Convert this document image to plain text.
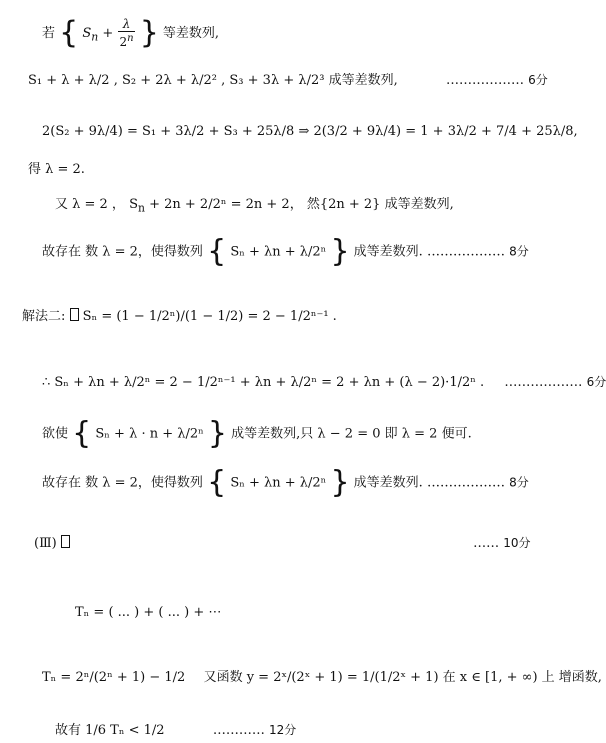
若 { $S_n + \frac{\lambda}{2^n}$ } 等差数列,
S₁ + λ + λ/2 , S₂ + 2λ + λ/2² , S₃ + 3λ + λ/2³ 成等差数列,	……………… 6分
2(S₂ + 9λ/4) = S₁ + 3λ/2 + S₃ + 25λ/8 ⇒ 2(3/2 + 9λ/4) = 1 + 3λ/2 + 7/4 + 25λ/8,
得 λ = 2.
又 λ = 2 ， $S_n + 2n + 2/2^n = 2n + 2$， 然{2n + 2} 成等差数列,
故存在 数 λ = 2，使得数列 { Sₙ + λn + λ/2ⁿ } 成等差数列. ……………… 8分
解法二: Sₙ = (1 − 1/2ⁿ)/(1 − 1/2) = 2 − 1/2ⁿ⁻¹ .
∴ Sₙ + λn + λ/2ⁿ = 2 − 1/2ⁿ⁻¹ + λn + λ/2ⁿ = 2 + λn + (λ − 2)·1/2ⁿ . ……………… 6分
欲使 { Sₙ + λ · n + λ/2ⁿ } 成等差数列,只 λ − 2 = 0 即 λ = 2 便可.
故存在 数 λ = 2，使得数列 { Sₙ + λn + λ/2ⁿ } 成等差数列. ……………… 8分
(Ⅲ)	…… 10分
Tₙ = ( ... ) + ( ... ) + ⋯
Tₙ = 2ⁿ/(2ⁿ + 1) − 1/2 又函数 y = 2ˣ/(2ˣ + 1) = 1/(1/2ˣ + 1) 在 x ∈ [1, + ∞) 上 增函数,
故有 1/6 Tₙ < 1/2	………… 12分
